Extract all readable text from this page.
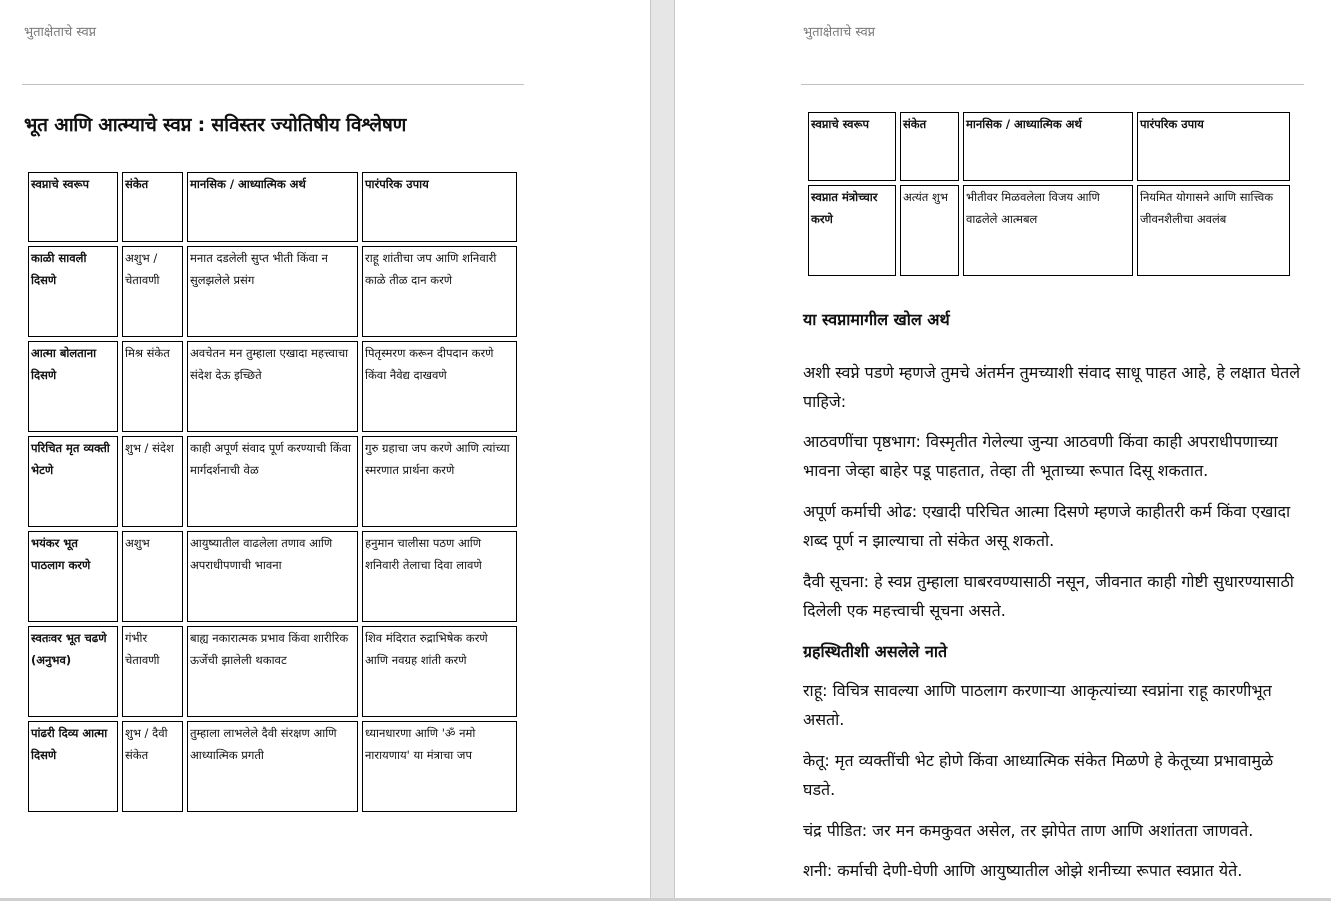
भुताक्षेताचे स्वप्न
भूत आणि आत्म्याचे स्वप्न : सविस्तर ज्योतिषीय विश्लेषण
स्वप्नाचे स्वरूप	संकेत	मानसिक / आध्यात्मिक अर्थ	पारंपरिक उपाय
काळी सावली दिसणे	अशुभ / चेतावणी	मनात दडलेली सुप्त भीती किंवा न सुलझलेले प्रसंग	राहू शांतीचा जप आणि शनिवारी काळे तीळ दान करणे
आत्मा बोलताना दिसणे	मिश्र संकेत	अवचेतन मन तुम्हाला एखादा महत्त्वाचा संदेश देऊ इच्छिते	पितृस्मरण करून दीपदान करणे किंवा नैवेद्य दाखवणे
परिचित मृत व्यक्ती भेटणे	शुभ / संदेश	काही अपूर्ण संवाद पूर्ण करण्याची किंवा मार्गदर्शनाची वेळ	गुरु ग्रहाचा जप करणे आणि त्यांच्या स्मरणात प्रार्थना करणे
भयंकर भूत पाठलाग करणे	अशुभ	आयुष्यातील वाढलेला तणाव आणि अपराधीपणाची भावना	हनुमान चालीसा पठण आणि शनिवारी तेलाचा दिवा लावणे
स्वतःवर भूत चढणे (अनुभव)	गंभीर चेतावणी	बाह्य नकारात्मक प्रभाव किंवा शारीरिक ऊर्जेची झालेली थकावट	शिव मंदिरात रुद्राभिषेक करणे आणि नवग्रह शांती करणे
पांढरी दिव्य आत्मा दिसणे	शुभ / दैवी संकेत	तुम्हाला लाभलेले दैवी संरक्षण आणि आध्यात्मिक प्रगती	ध्यानधारणा आणि 'ॐ नमो नारायणाय' या मंत्राचा जप
भुताक्षेताचे स्वप्न
स्वप्नाचे स्वरूप	संकेत	मानसिक / आध्यात्मिक अर्थ	पारंपरिक उपाय
स्वप्नात मंत्रोच्चार करणे	अत्यंत शुभ	भीतीवर मिळवलेला विजय आणि वाढलेले आत्मबल	नियमित योगासने आणि सात्त्विक जीवनशैलीचा अवलंब
या स्वप्नामागील खोल अर्थ

अशी स्वप्ने पडणे म्हणजे तुमचे अंतर्मन तुमच्याशी संवाद साधू पाहत आहे, हे लक्षात घेतले पाहिजे:

आठवणींचा पृष्ठभाग: विस्मृतीत गेलेल्या जुन्या आठवणी किंवा काही अपराधीपणाच्या भावना जेव्हा बाहेर पडू पाहतात, तेव्हा ती भूताच्या रूपात दिसू शकतात.

अपूर्ण कर्माची ओढ: एखादी परिचित आत्मा दिसणे म्हणजे काहीतरी कर्म किंवा एखादा शब्द पूर्ण न झाल्याचा तो संकेत असू शकतो.

दैवी सूचना: हे स्वप्न तुम्हाला घाबरवण्यासाठी नसून, जीवनात काही गोष्टी सुधारण्यासाठी दिलेली एक महत्त्वाची सूचना असते.

ग्रहस्थितीशी असलेले नाते

राहू: विचित्र सावल्या आणि पाठलाग करणाऱ्या आकृत्यांच्या स्वप्नांना राहू कारणीभूत असतो.

केतू: मृत व्यक्तींची भेट होणे किंवा आध्यात्मिक संकेत मिळणे हे केतूच्या प्रभावामुळे घडते.

चंद्र पीडित: जर मन कमकुवत असेल, तर झोपेत ताण आणि अशांतता जाणवते.

शनी: कर्माची देणी-घेणी आणि आयुष्यातील ओझे शनीच्या रूपात स्वप्नात येते.
